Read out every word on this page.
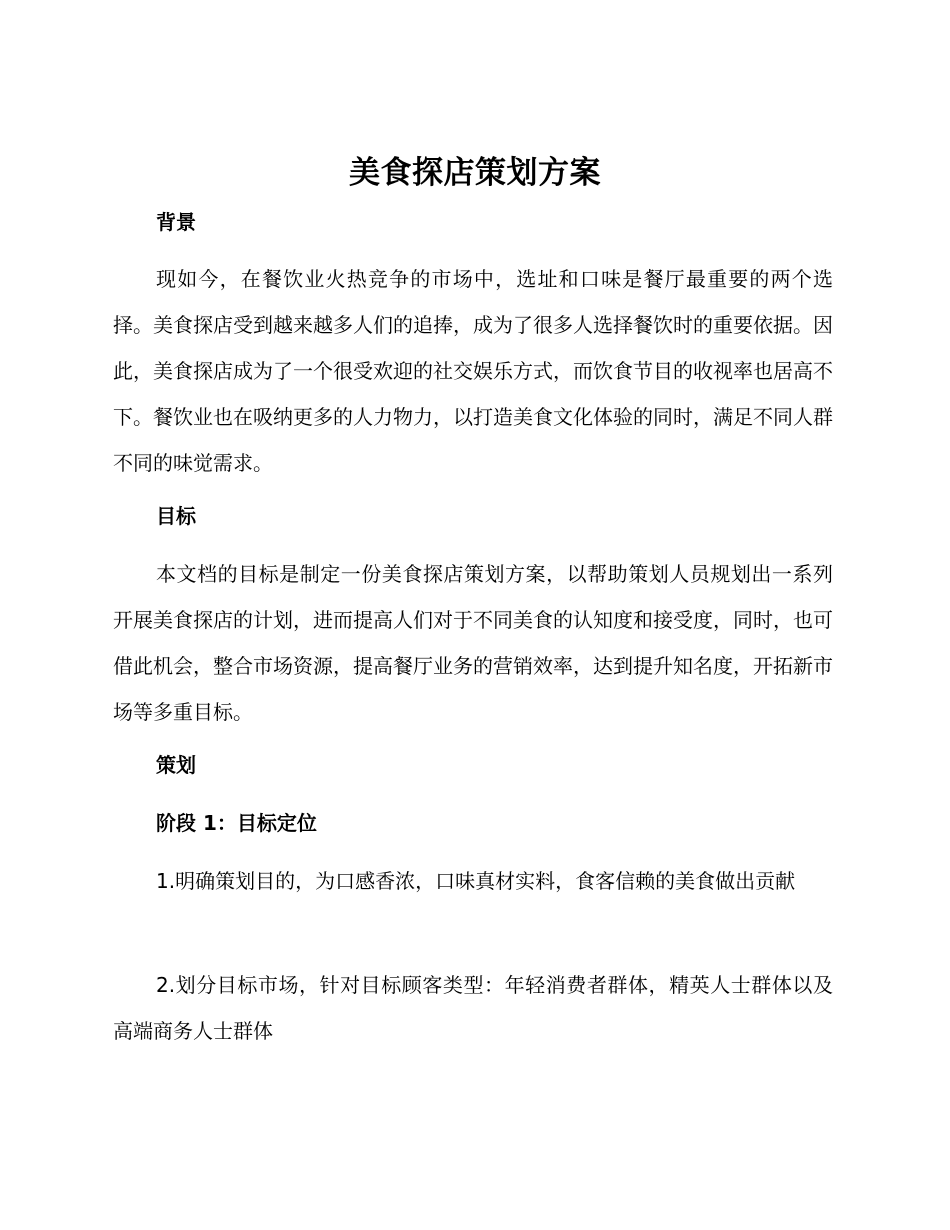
美食探店策划方案
背景

现如今，在餐饮业火热竞争的市场中，选址和口味是餐厅最重要的两个选择。美食探店受到越来越多人们的追捧，成为了很多人选择餐饮时的重要依据。因此，美食探店成为了一个很受欢迎的社交娱乐方式，而饮食节目的收视率也居高不下。餐饮业也在吸纳更多的人力物力，以打造美食文化体验的同时，满足不同人群不同的味觉需求。

目标

本文档的目标是制定一份美食探店策划方案，以帮助策划人员规划出一系列开展美食探店的计划，进而提高人们对于不同美食的认知度和接受度，同时，也可借此机会，整合市场资源，提高餐厅业务的营销效率，达到提升知名度，开拓新市场等多重目标。

策划
阶段 1：目标定位

1.明确策划目的，为口感香浓，口味真材实料，食客信赖的美食做出贡献

2.划分目标市场，针对目标顾客类型：年轻消费者群体，精英人士群体以及高端商务人士群体
